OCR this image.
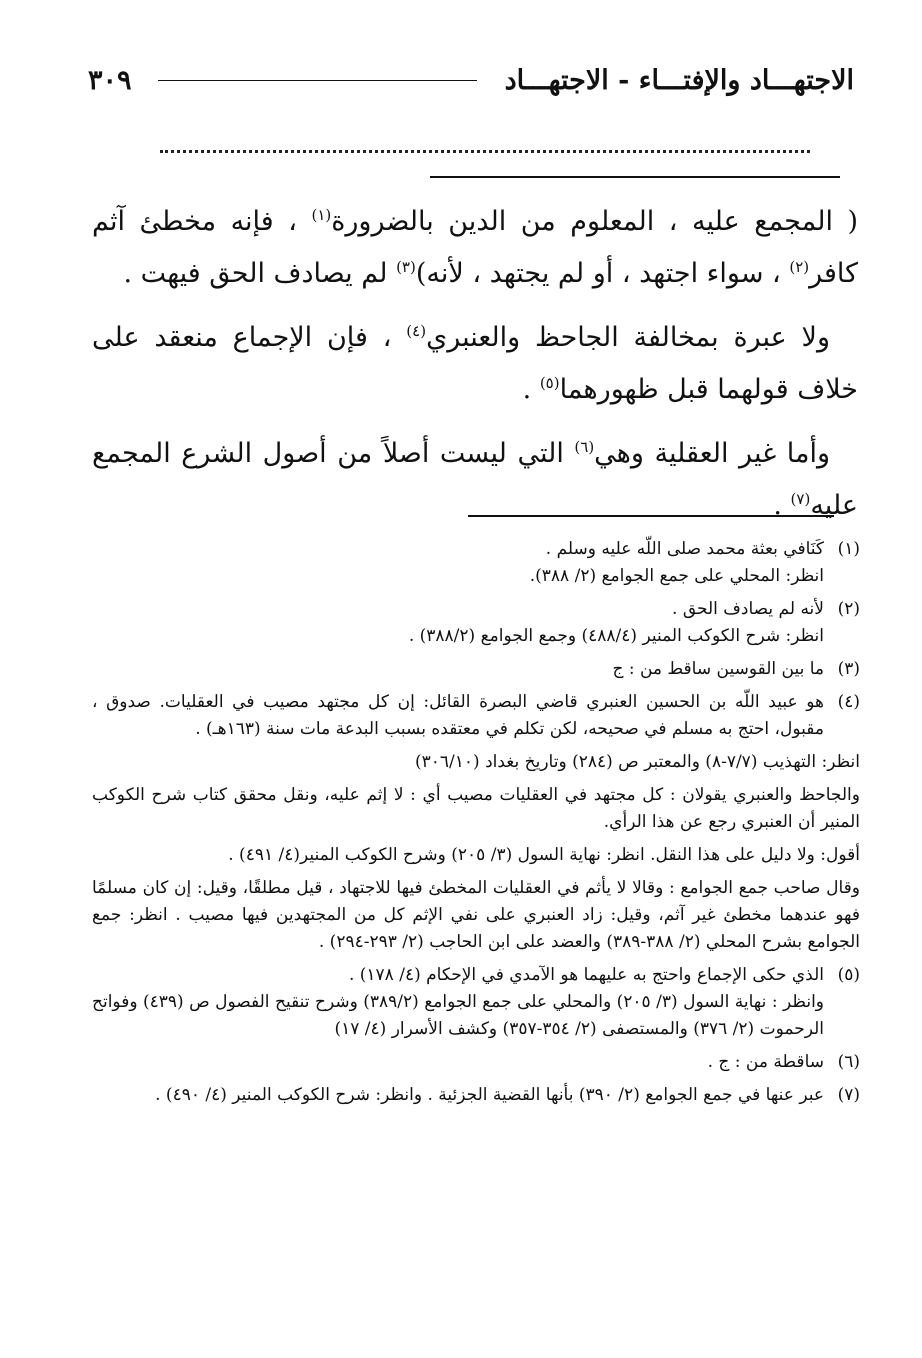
الاجتهـــاد والإفتـــاء - الاجتهـــاد
٣٠٩

( المجمع عليه ، المعلوم من الدين بالضرورة$^{(١)}$ ، فإنه مخطئ آثم كافر$^{(٢)}$ ، سواء اجتهد ، أو لم يجتهد ، لأنه)$^{(٣)}$ لم يصادف الحق فيهت .

ولا عبرة بمخالفة الجاحظ والعنبري$^{(٤)}$ ، فإن الإجماع منعقد على خلاف قولهما قبل ظهورهما$^{(٥)}$ .

وأما غير العقلية وهي$^{(٦)}$ التي ليست أصلاً من أصول الشرع المجمع عليه$^{(٧)}$ .

(١)

كَنَافي بعثة محمد صلى اللّه عليه وسلم .

انظر: المحلي على جمع الجوامع (٢/ ٣٨٨).

(٢)

لأنه لم يصادف الحق .

انظر: شرح الكوكب المنير (٤٨٨/٤) وجمع الجوامع (٣٨٨/٢) .

(٣)

ما بين القوسين ساقط من : ج

(٤)

هو عبيد اللّه بن الحسين العنبري قاضي البصرة القائل: إن كل مجتهد مصيب في العقليات. صدوق ، مقبول، احتج به مسلم في صحيحه، لكن تكلم في معتقده بسبب البدعة مات سنة (١٦٣هـ) .

انظر: التهذيب (٧/٧-٨) والمعتبر ص (٢٨٤) وتاريخ بغداد (٣٠٦/١٠)

والجاحظ والعنبري يقولان : كل مجتهد في العقليات مصيب أي : لا إثم عليه، ونقل محقق كتاب شرح الكوكب المنير أن العنبري رجع عن هذا الرأي.

أقول: ولا دليل على هذا النقل. انظر: نهاية السول (٣/ ٢٠٥) وشرح الكوكب المنير(٤/ ٤٩١) .

وقال صاحب جمع الجوامع : وقالا لا يأثم في العقليات المخطئ فيها للاجتهاد ، قيل مطلقًا، وقيل: إن كان مسلمًا فهو عندهما مخطئ غير آثم، وقيل: زاد العنبري على نفي الإثم كل من المجتهدين فيها مصيب . انظر: جمع الجوامع بشرح المحلي (٢/ ٣٨٨-٣٨٩) والعضد على ابن الحاجب (٢/ ٢٩٣-٢٩٤) .

(٥)

الذي حكى الإجماع واحتج به عليهما هو الآمدي في الإحكام (٤/ ١٧٨) .

وانظر : نهاية السول (٣/ ٢٠٥) والمحلي على جمع الجوامع (٣٨٩/٢) وشرح تنقيح الفصول ص (٤٣٩) وفواتح الرحموت (٢/ ٣٧٦) والمستصفى (٢/ ٣٥٤-٣٥٧) وكشف الأسرار (٤/ ١٧)

(٦)

ساقطة من : ج .

(٧)

عبر عنها في جمع الجوامع (٢/ ٣٩٠) بأنها القضية الجزئية . وانظر: شرح الكوكب المنير (٤/ ٤٩٠) .
